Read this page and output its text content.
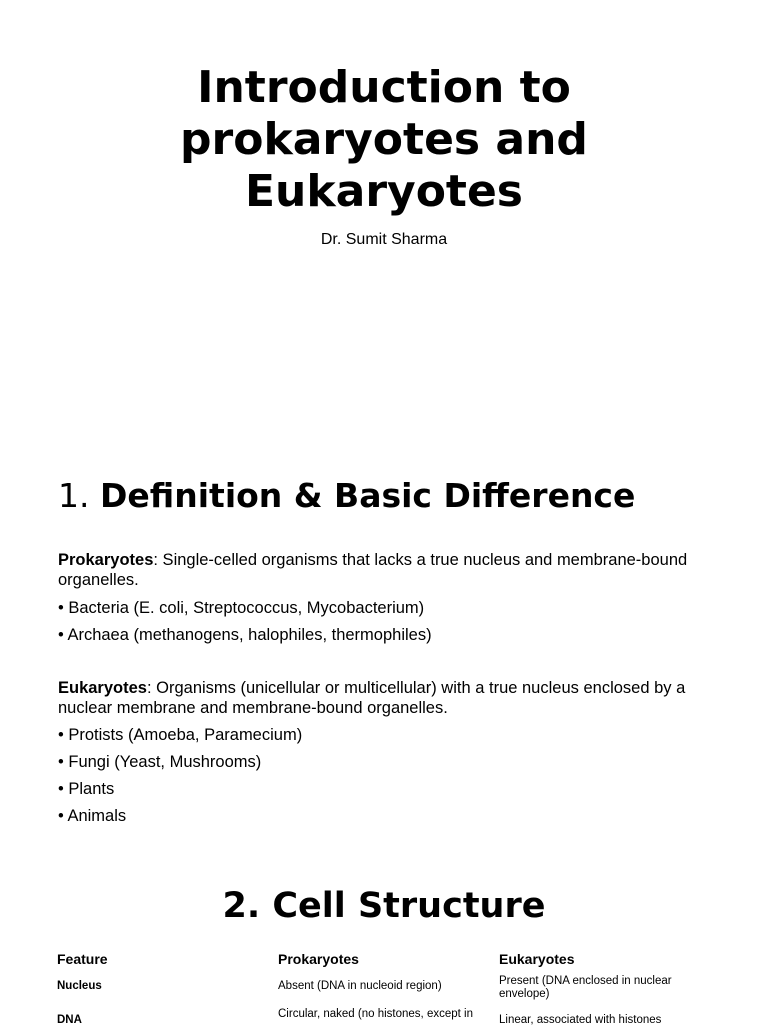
Introduction to
prokaryotes and
Eukaryotes
Dr. Sumit Sharma
1. Definition & Basic Difference

Prokaryotes: Single-celled organisms that lacks a true nucleus and membrane-bound organelles.

• Bacteria (E. coli, Streptococcus, Mycobacterium)
• Archaea (methanogens, halophiles, thermophiles)

Eukaryotes: Organisms (unicellular or multicellular) with a true nucleus enclosed by a nuclear membrane and membrane-bound organelles.

• Protists (Amoeba, Paramecium)
• Fungi (Yeast, Mushrooms)
• Plants
• Animals
2. Cell Structure
Feature	Prokaryotes	Eukaryotes
Nucleus	Absent (DNA in nucleoid region)	Present (DNA enclosed in nuclear envelope)
DNA	Circular, naked (no histones, except in	Linear, associated with histones
